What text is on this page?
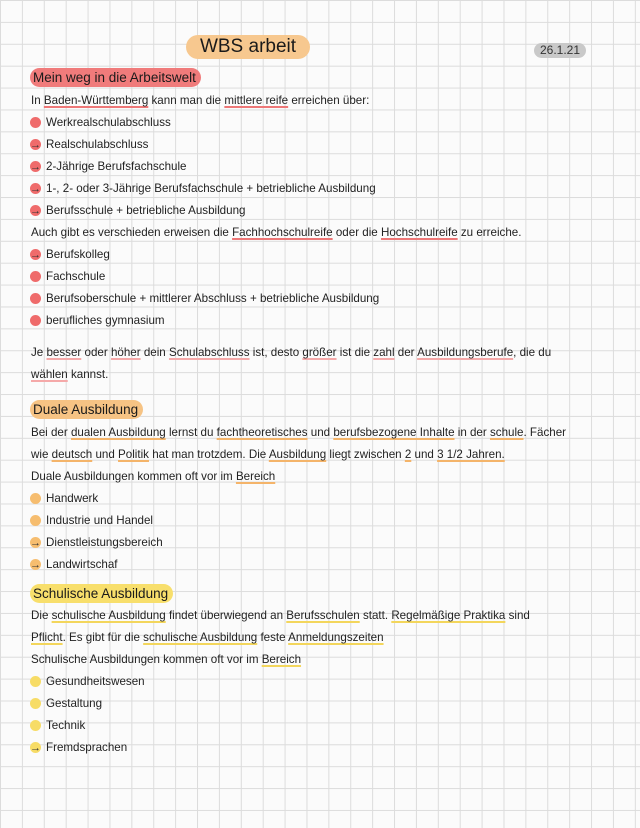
WBS arbeit	26.1.21
Mein weg in die Arbeitswelt
In Baden-Württemberg kann man die mittlere reife erreichen über:
Werkrealschulabschluss
→ Realschulabschluss
→ 2-Jährige Berufsfachschule
→ 1-, 2- oder 3-Jährige Berufsfachschule + betriebliche Ausbildung
→ Berufsschule + betriebliche Ausbildung
Auch gibt es verschieden erweisen die Fachhochschulreife oder die Hochschulreife zu erreiche.
→ Berufskolleg
Fachschule
Berufsoberschule + mittlerer Abschluss + betriebliche Ausbildung
berufliches gymnasium
Je besser oder höher dein Schulabschluss ist, desto größer ist die zahl der Ausbildungsberufe, die du
wählen kannst.
Duale Ausbildung
Bei der dualen Ausbildung lernst du fachtheoretisches und berufsbezogene Inhalte in der schule. Fächer
wie deutsch und Politik hat man trotzdem. Die Ausbildung liegt zwischen 2 und 3 1/2 Jahren.
Duale Ausbildungen kommen oft vor im Bereich
Handwerk
Industrie und Handel
→ Dienstleistungsbereich
→ Landwirtschaf
Schulische Ausbildung
Die schulische Ausbildung findet überwiegend an Berufsschulen statt. Regelmäßige Praktika sind
Pflicht. Es gibt für die schulische Ausbildung feste Anmeldungszeiten
Schulische Ausbildungen kommen oft vor im Bereich
Gesundheitswesen
Gestaltung
Technik
→ Fremdsprachen
